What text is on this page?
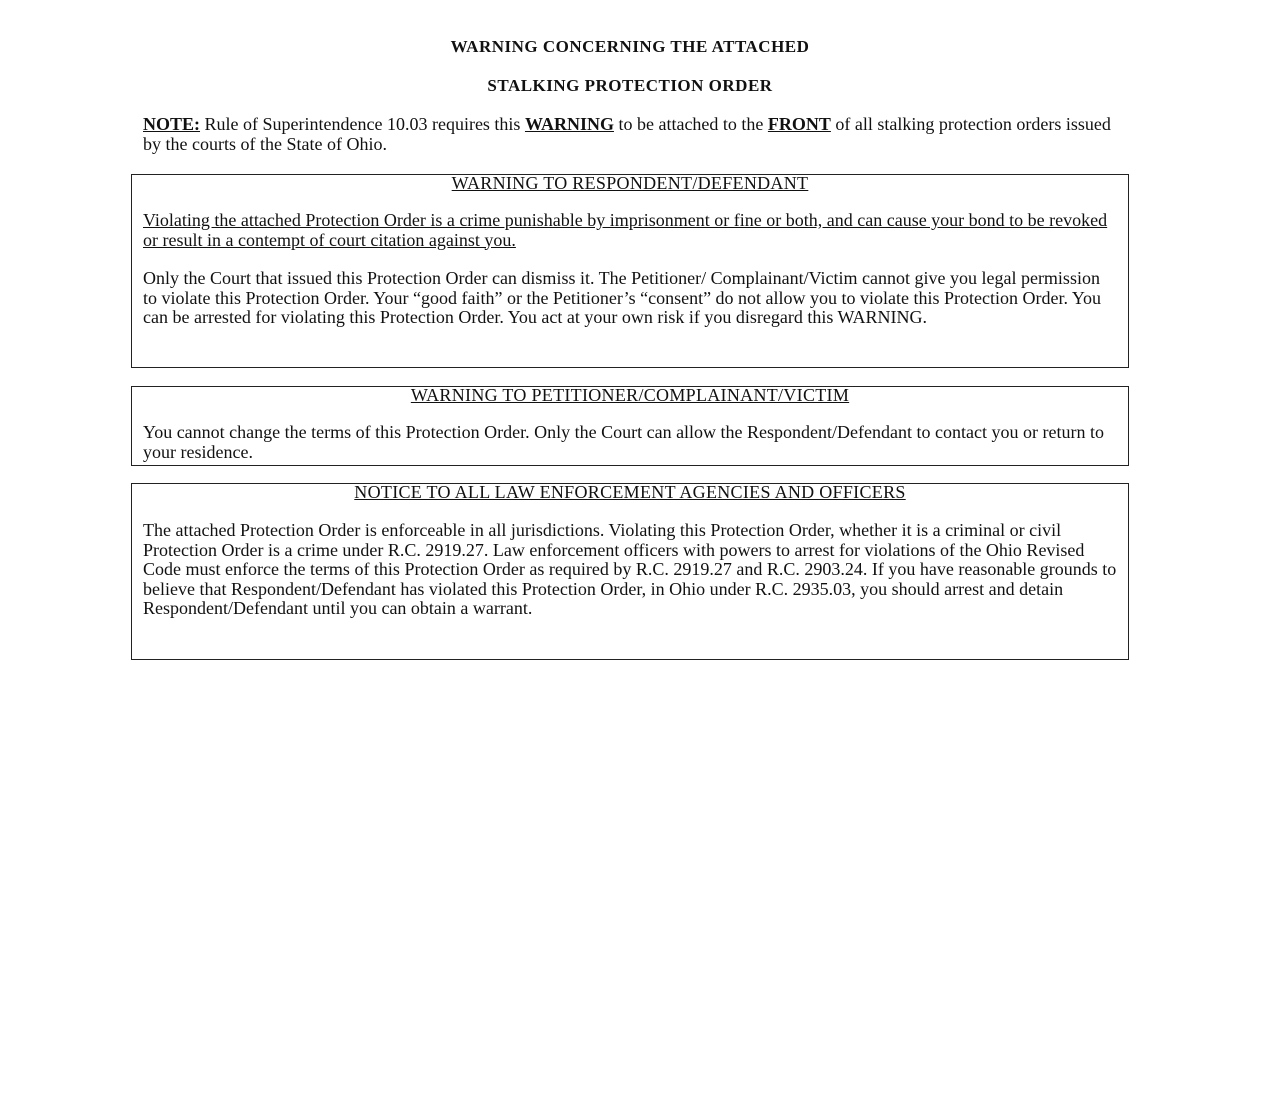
WARNING CONCERNING THE ATTACHED
STALKING PROTECTION ORDER
NOTE: Rule of Superintendence 10.03 requires this WARNING to be attached to the FRONT of all stalking protection orders issued by the courts of the State of Ohio.
WARNING TO RESPONDENT/DEFENDANT

Violating the attached Protection Order is a crime punishable by imprisonment or fine or both, and can cause your bond to be revoked or result in a contempt of court citation against you.

Only the Court that issued this Protection Order can dismiss it. The Petitioner/ Complainant/Victim cannot give you legal permission to violate this Protection Order. Your “good faith” or the Petitioner’s “consent” do not allow you to violate this Protection Order. You can be arrested for violating this Protection Order. You act at your own risk if you disregard this WARNING.

WARNING TO PETITIONER/COMPLAINANT/VICTIM

You cannot change the terms of this Protection Order. Only the Court can allow the Respondent/Defendant to contact you or return to your residence.

NOTICE TO ALL LAW ENFORCEMENT AGENCIES AND OFFICERS

The attached Protection Order is enforceable in all jurisdictions. Violating this Protection Order, whether it is a criminal or civil Protection Order is a crime under R.C. 2919.27. Law enforcement officers with powers to arrest for violations of the Ohio Revised Code must enforce the terms of this Protection Order as required by R.C. 2919.27 and R.C. 2903.24. If you have reasonable grounds to believe that Respondent/Defendant has violated this Protection Order, in Ohio under R.C. 2935.03, you should arrest and detain Respondent/Defendant until you can obtain a warrant.
